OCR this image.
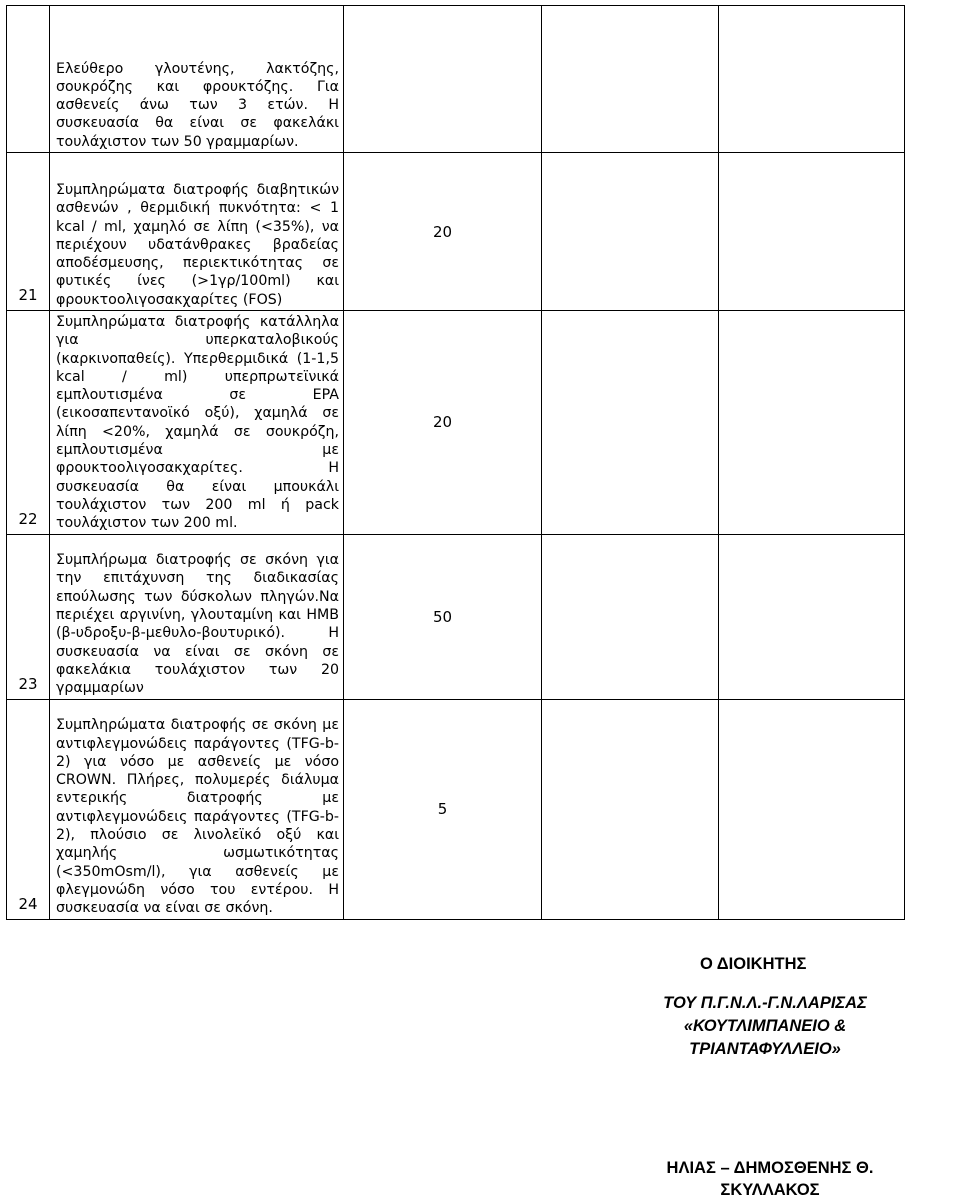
	Ελεύθερο γλουτένης, λακτόζης, σουκρόζης και φρουκτόζης. Για ασθενείς άνω των 3 ετών. Η συσκευασία θα είναι σε φακελάκι τουλάχιστον των 50 γραμμαρίων.			
21	Συμπληρώματα διατροφής διαβητικών ασθενών , θερμιδική πυκνότητα: < 1 kcal / ml, χαμηλό σε λίπη (<35%), να περιέχουν υδατάνθρακες βραδείας αποδέσμευσης, περιεκτικότητας σε φυτικές ίνες (>1γρ/100ml) και φρουκτοολιγοσακχαρίτες (FOS)	20		
22	Συμπληρώματα διατροφής κατάλληλα για υπερκαταλοβικούς (καρκινοπαθείς). Υπερθερμιδικά (1-1,5 kcal / ml) υπερπρωτεϊνικά εμπλουτισμένα σε EPA (εικοσαπεντανοϊκό οξύ), χαμηλά σε λίπη <20%, χαμηλά σε σουκρόζη, εμπλουτισμένα με φρουκτοολιγοσακχαρίτες. Η συσκευασία θα είναι μπουκάλι τουλάχιστον των 200 ml ή pack τουλάχιστον των 200 ml.	20		
23	Συμπλήρωμα διατροφής σε σκόνη για την επιτάχυνση της διαδικασίας επούλωσης των δύσκολων πληγών.Να περιέχει αργινίνη, γλουταμίνη και HMB (β-υδροξυ-β-μεθυλο-βουτυρικό). Η συσκευασία να είναι σε σκόνη σε φακελάκια τουλάχιστον των 20 γραμμαρίων	50		
24	Συμπληρώματα διατροφής σε σκόνη με αντιφλεγμονώδεις παράγοντες (TFG-b-2) για νόσο με ασθενείς με νόσο CROWN. Πλήρες, πολυμερές διάλυμα εντερικής διατροφής με αντιφλεγμονώδεις παράγοντες (TFG-b-2), πλούσιο σε λινολεϊκό οξύ και χαμηλής ωσμωτικότητας (<350mOsm/l), για ασθενείς με φλεγμονώδη νόσο του εντέρου. Η συσκευασία να είναι σε σκόνη.	5		
Ο ΔΙΟΙΚΗΤΗΣ
ΤΟΥ Π.Γ.Ν.Λ.-Γ.Ν.ΛΑΡΙΣΑΣ
«ΚΟΥΤΛΙΜΠΑΝΕΙΟ &
ΤΡΙΑΝΤΑΦΥΛΛΕΙΟ»
ΗΛΙΑΣ – ΔΗΜΟΣΘΕΝΗΣ Θ.
ΣΚΥΛΛΑΚΟΣ
